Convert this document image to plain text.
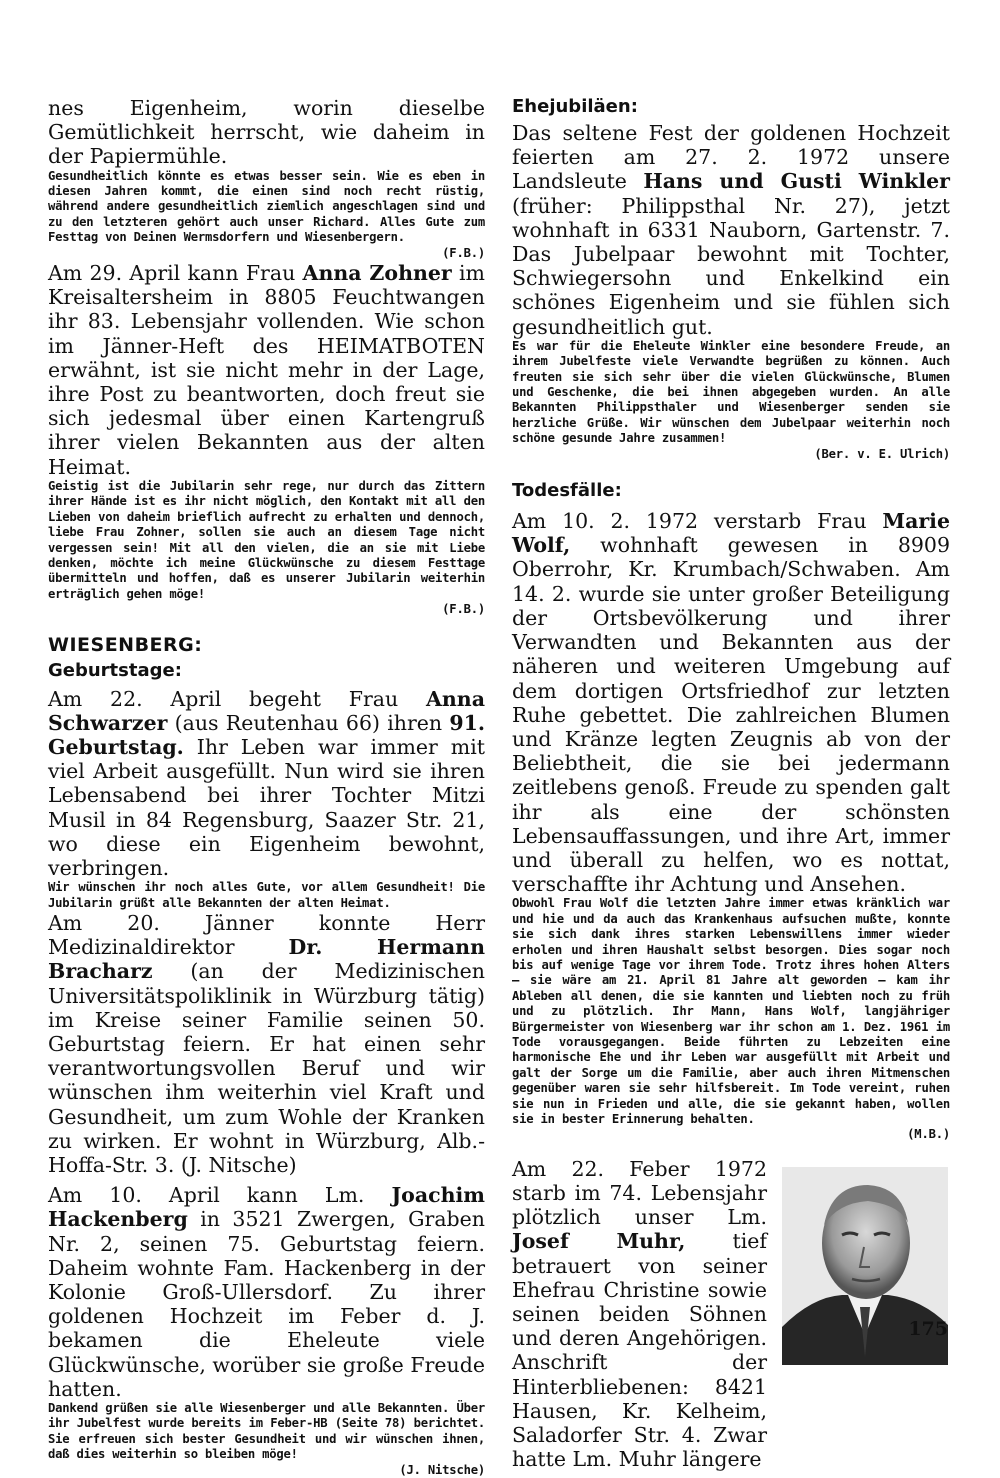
nes Eigenheim, worin dieselbe Gemütlichkeit herrscht, wie daheim in der Papiermühle.

Gesundheitlich könnte es etwas besser sein. Wie es eben in diesen Jahren kommt, die einen sind noch recht rüstig, während andere gesundheitlich ziemlich angeschlagen sind und zu den letzteren gehört auch unser Richard. Alles Gute zum Festtag von Deinen Wermsdorfern und Wiesenbergern.
(F.B.)

Am 29. April kann Frau Anna Zohner im Kreisaltersheim in 8805 Feuchtwangen ihr 83. Lebensjahr vollenden. Wie schon im Jänner-Heft des HEIMATBOTEN erwähnt, ist sie nicht mehr in der Lage, ihre Post zu beantworten, doch freut sie sich jedesmal über einen Kartengruß ihrer vielen Bekannten aus der alten Heimat.

Geistig ist die Jubilarin sehr rege, nur durch das Zittern ihrer Hände ist es ihr nicht möglich, den Kontakt mit all den Lieben von daheim brieflich aufrecht zu erhalten und dennoch, liebe Frau Zohner, sollen sie auch an diesem Tage nicht vergessen sein! Mit all den vielen, die an sie mit Liebe denken, möchte ich meine Glückwünsche zu diesem Festtage übermitteln und hoffen, daß es unserer Jubilarin weiterhin erträglich gehen möge!
(F.B.)

WIESENBERG:
Geburtstage:

Am 22. April begeht Frau Anna Schwarzer (aus Reutenhau 66) ihren 91. Geburtstag. Ihr Leben war immer mit viel Arbeit ausgefüllt. Nun wird sie ihren Lebensabend bei ihrer Tochter Mitzi Musil in 84 Regensburg, Saazer Str. 21, wo diese ein Eigenheim bewohnt, verbringen.

Wir wünschen ihr noch alles Gute, vor allem Gesundheit! Die Jubilarin grüßt alle Bekannten der alten Heimat.

Am 20. Jänner konnte Herr Medizinaldirektor Dr. Hermann Bracharz (an der Medizinischen Universitätspoliklinik in Würzburg tätig) im Kreise seiner Familie seinen 50. Geburtstag feiern. Er hat einen sehr verantwortungsvollen Beruf und wir wünschen ihm weiterhin viel Kraft und Gesundheit, um zum Wohle der Kranken zu wirken. Er wohnt in Würzburg, Alb.-Hoffa-Str. 3. (J. Nitsche)

Am 10. April kann Lm. Joachim Hackenberg in 3521 Zwergen, Graben Nr. 2, seinen 75. Geburtstag feiern. Daheim wohnte Fam. Hackenberg in der Kolonie Groß-Ullersdorf. Zu ihrer goldenen Hochzeit im Feber d. J. bekamen die Eheleute viele Glückwünsche, worüber sie große Freude hatten.

Dankend grüßen sie alle Wiesenberger und alle Bekannten. Über ihr Jubelfest wurde bereits im Feber-HB (Seite 78) berichtet. Sie erfreuen sich bester Gesundheit und wir wünschen ihnen, daß dies weiterhin so bleiben möge!
(J. Nitsche)

Ehejubiläen:

Das seltene Fest der goldenen Hochzeit feierten am 27. 2. 1972 unsere Landsleute Hans und Gusti Winkler (früher: Philippsthal Nr. 27), jetzt wohnhaft in 6331 Nauborn, Gartenstr. 7. Das Jubelpaar bewohnt mit Tochter, Schwiegersohn und Enkelkind ein schönes Eigenheim und sie fühlen sich gesundheitlich gut.

Es war für die Eheleute Winkler eine besondere Freude, an ihrem Jubelfeste viele Verwandte begrüßen zu können. Auch freuten sie sich sehr über die vielen Glückwünsche, Blumen und Geschenke, die bei ihnen abgegeben wurden. An alle Bekannten Philippsthaler und Wiesenberger senden sie herzliche Grüße. Wir wünschen dem Jubelpaar weiterhin noch schöne gesunde Jahre zusammen!
(Ber. v. E. Ulrich)

Todesfälle:

Am 10. 2. 1972 verstarb Frau Marie Wolf, wohnhaft gewesen in 8909 Oberrohr, Kr. Krumbach/Schwaben. Am 14. 2. wurde sie unter großer Beteiligung der Ortsbevölkerung und ihrer Verwandten und Bekannten aus der näheren und weiteren Umgebung auf dem dortigen Ortsfriedhof zur letzten Ruhe gebettet. Die zahlreichen Blumen und Kränze legten Zeugnis ab von der Beliebtheit, die sie bei jedermann zeitlebens genoß. Freude zu spenden galt ihr als eine der schönsten Lebensauffassungen, und ihre Art, immer und überall zu helfen, wo es nottat, verschaffte ihr Achtung und Ansehen.

Obwohl Frau Wolf die letzten Jahre immer etwas kränklich war und hie und da auch das Krankenhaus aufsuchen mußte, konnte sie sich dank ihres starken Lebenswillens immer wieder erholen und ihren Haushalt selbst besorgen. Dies sogar noch bis auf wenige Tage vor ihrem Tode. Trotz ihres hohen Alters — sie wäre am 21. April 81 Jahre alt geworden — kam ihr Ableben all denen, die sie kannten und liebten noch zu früh und zu plötzlich. Ihr Mann, Hans Wolf, langjähriger Bürgermeister von Wiesenberg war ihr schon am 1. Dez. 1961 im Tode vorausgegangen. Beide führten zu Lebzeiten eine harmonische Ehe und ihr Leben war ausgefüllt mit Arbeit und galt der Sorge um die Familie, aber auch ihren Mitmenschen gegenüber waren sie sehr hilfsbereit. Im Tode vereint, ruhen sie nun in Frieden und alle, die sie gekannt haben, wollen sie in bester Erinnerung behalten.
(M.B.)

Am 22. Feber 1972 starb im 74. Lebensjahr plötzlich unser Lm. Josef Muhr, tief betrauert von seiner Ehefrau Christine sowie seinen beiden Söhnen und deren Angehörigen. Anschrift der Hinterbliebenen: 8421 Hausen, Kr. Kelheim, Saladorfer Str. 4. Zwar hatte Lm. Muhr längere

175
